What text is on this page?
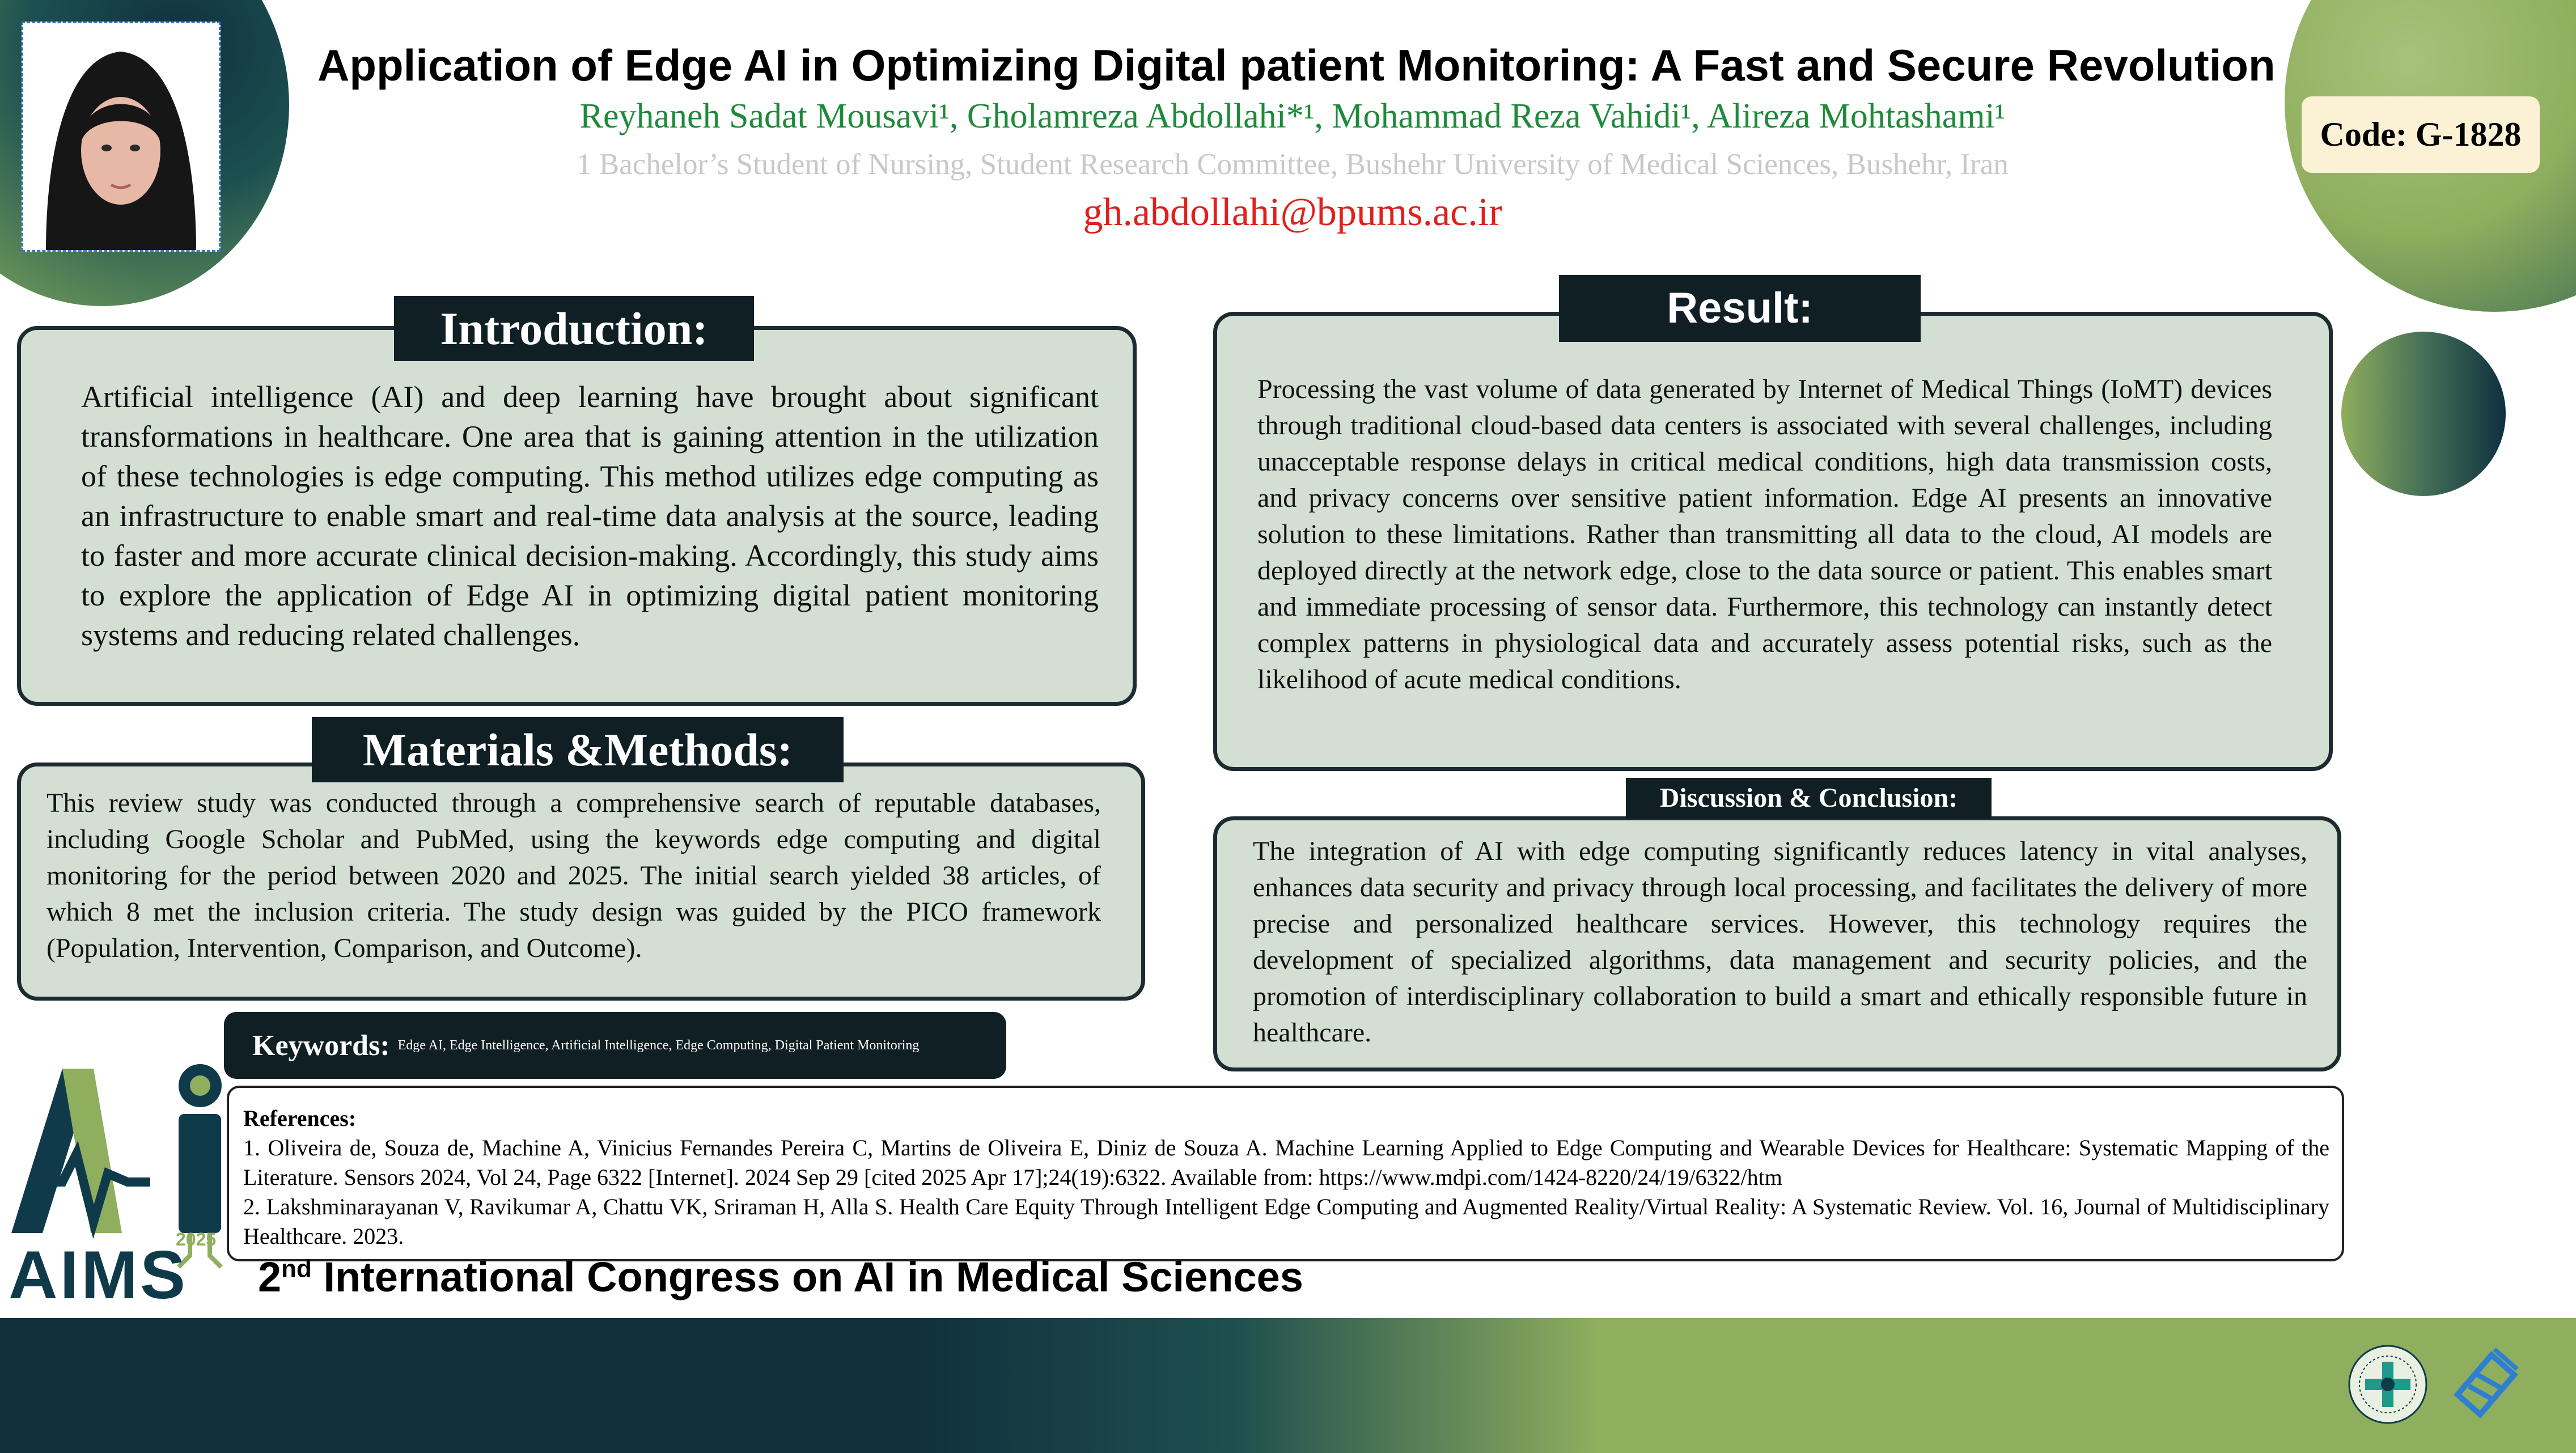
Application of Edge AI in Optimizing Digital patient Monitoring: A Fast and Secure Revolution
Reyhaneh Sadat Mousavi¹, Gholamreza Abdollahi*¹, Mohammad Reza Vahidi¹, Alireza Mohtashami¹
1 Bachelor’s Student of Nursing, Student Research Committee, Bushehr University of Medical Sciences, Bushehr, Iran
gh.abdollahi@bpums.ac.ir
Code: G-1828
Artificial intelligence (AI) and deep learning have brought about significant transformations in healthcare. One area that is gaining attention in the utilization of these technologies is edge computing. This method utilizes edge computing as an infrastructure to enable smart and real-time data analysis at the source, leading to faster and more accurate clinical decision-making. Accordingly, this study aims to explore the application of Edge AI in optimizing digital patient monitoring systems and reducing related challenges.
Introduction:
This review study was conducted through a comprehensive search of reputable databases, including Google Scholar and PubMed, using the keywords edge computing and digital monitoring for the period between 2020 and 2025. The initial search yielded 38 articles, of which 8 met the inclusion criteria. The study design was guided by the PICO framework (Population, Intervention, Comparison, and Outcome).
Materials &Methods:
Keywords: Edge AI, Edge Intelligence, Artificial Intelligence, Edge Computing, Digital Patient Monitoring
Processing the vast volume of data generated by Internet of Medical Things (IoMT) devices through traditional cloud-based data centers is associated with several challenges, including unacceptable response delays in critical medical conditions, high data transmission costs, and privacy concerns over sensitive patient information. Edge AI presents an innovative solution to these limitations. Rather than transmitting all data to the cloud, AI models are deployed directly at the network edge, close to the data source or patient. This enables smart and immediate processing of sensor data. Furthermore, this technology can instantly detect complex patterns in physiological data and accurately assess potential risks, such as the likelihood of acute medical conditions.
Result:
The integration of AI with edge computing significantly reduces latency in vital analyses, enhances data security and privacy through local processing, and facilitates the delivery of more precise and personalized healthcare services. However, this technology requires the development of specialized algorithms, data management and security policies, and the promotion of interdisciplinary collaboration to build a smart and ethically responsible future in healthcare.
Discussion & Conclusion:
References:
1. Oliveira de, Souza de, Machine A, Vinicius Fernandes Pereira C, Martins de Oliveira E, Diniz de Souza A. Machine Learning Applied to Edge Computing and Wearable Devices for Healthcare: Systematic Mapping of the Literature. Sensors 2024, Vol 24, Page 6322 [Internet]. 2024 Sep 29 [cited 2025 Apr 17];24(19):6322. Available from: https://www.mdpi.com/1424-8220/24/19/6322/htm
2. Lakshminarayanan V, Ravikumar A, Chattu VK, Sriraman H, Alla S. Health Care Equity Through Intelligent Edge Computing and Augmented Reality/Virtual Reality: A Systematic Review. Vol. 16, Journal of Multidisciplinary Healthcare. 2023.
AIMS
2025
2nd International Congress on AI in Medical Sciences
